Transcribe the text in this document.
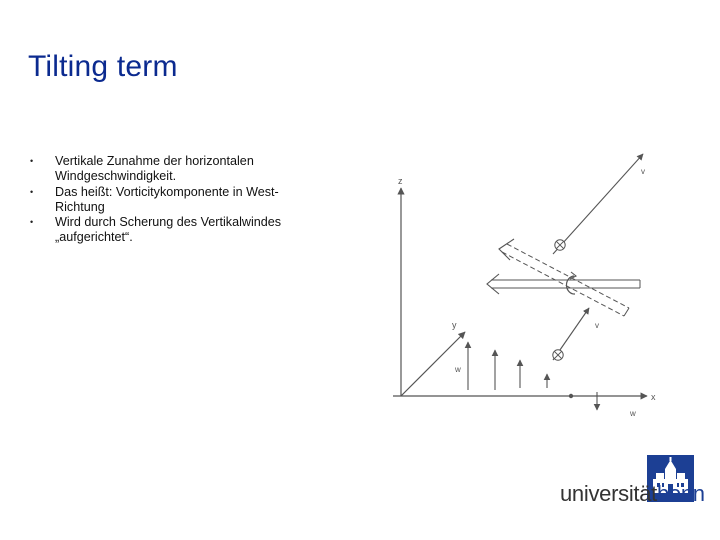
Tilting term
• Vertikale Zunahme der horizontalen Windgeschwindigkeit.
• Das heißt: Vorticitykomponente in West-Richtung
• Wird durch Scherung des Vertikalwindes „aufgerichtet“.
z
x
y
w
w
v
v
universitätbonn
